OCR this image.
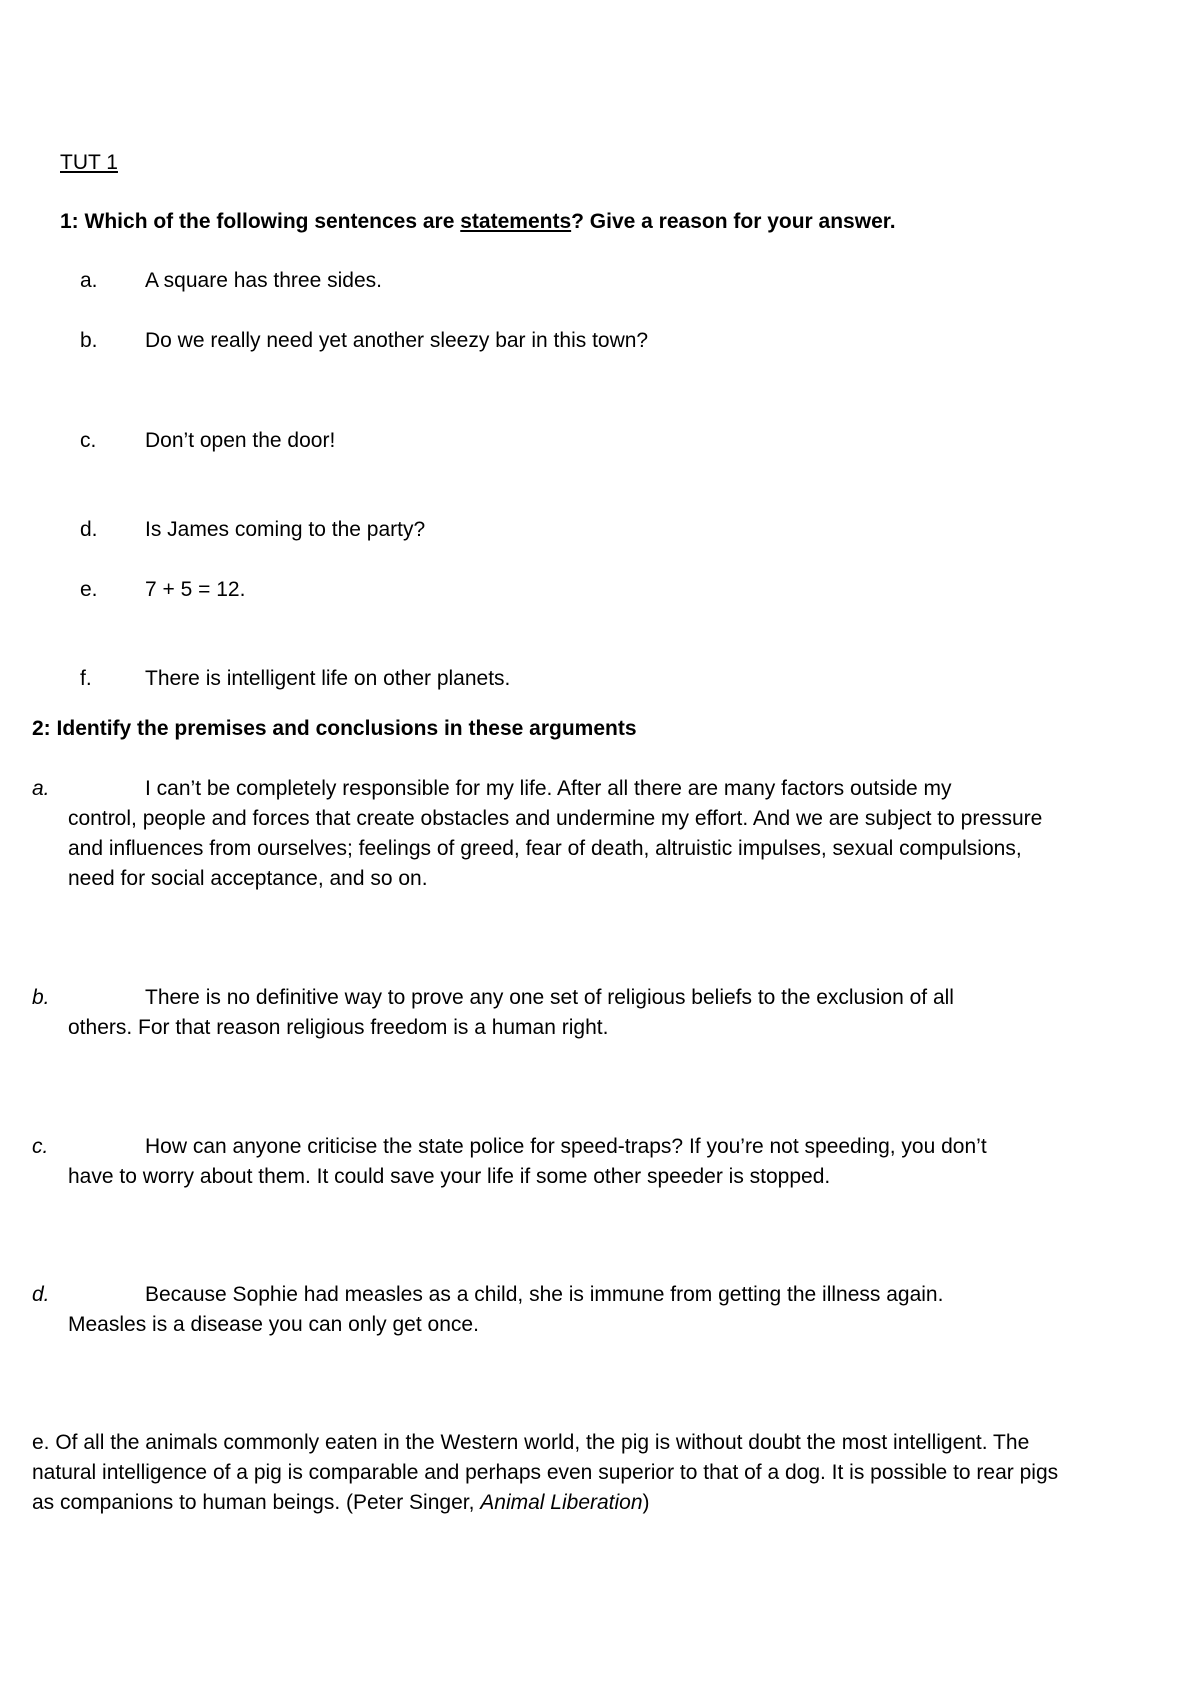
TUT 1
1: Which of the following sentences are statements? Give a reason for your answer.
a. A square has three sides.
b. Do we really need yet another sleezy bar in this town?
c. Don’t open the door!
d. Is James coming to the party?
e. 7 + 5 = 12.
f.	There is intelligent life on other planets.
2: Identify the premises and conclusions in these arguments
a.	I can’t be completely responsible for my life. After all there are many factors outside my
control, people and forces that create obstacles and undermine my effort. And we are subject to pressure and influences from ourselves; feelings of greed, fear of death, altruistic impulses, sexual compulsions, need for social acceptance, and so on.
b.	There is no definitive way to prove any one set of religious beliefs to the exclusion of all
others. For that reason religious freedom is a human right.
c.	How can anyone criticise the state police for speed-traps? If you’re not speeding, you don’t
have to worry about them. It could save your life if some other speeder is stopped.
d.	Because Sophie had measles as a child, she is immune from getting the illness again.
Measles is a disease you can only get once.
e. Of all the animals commonly eaten in the Western world, the pig is without doubt the most intelligent. The natural intelligence of a pig is comparable and perhaps even superior to that of a dog. It is possible to rear pigs as companions to human beings. (Peter Singer, Animal Liberation)
